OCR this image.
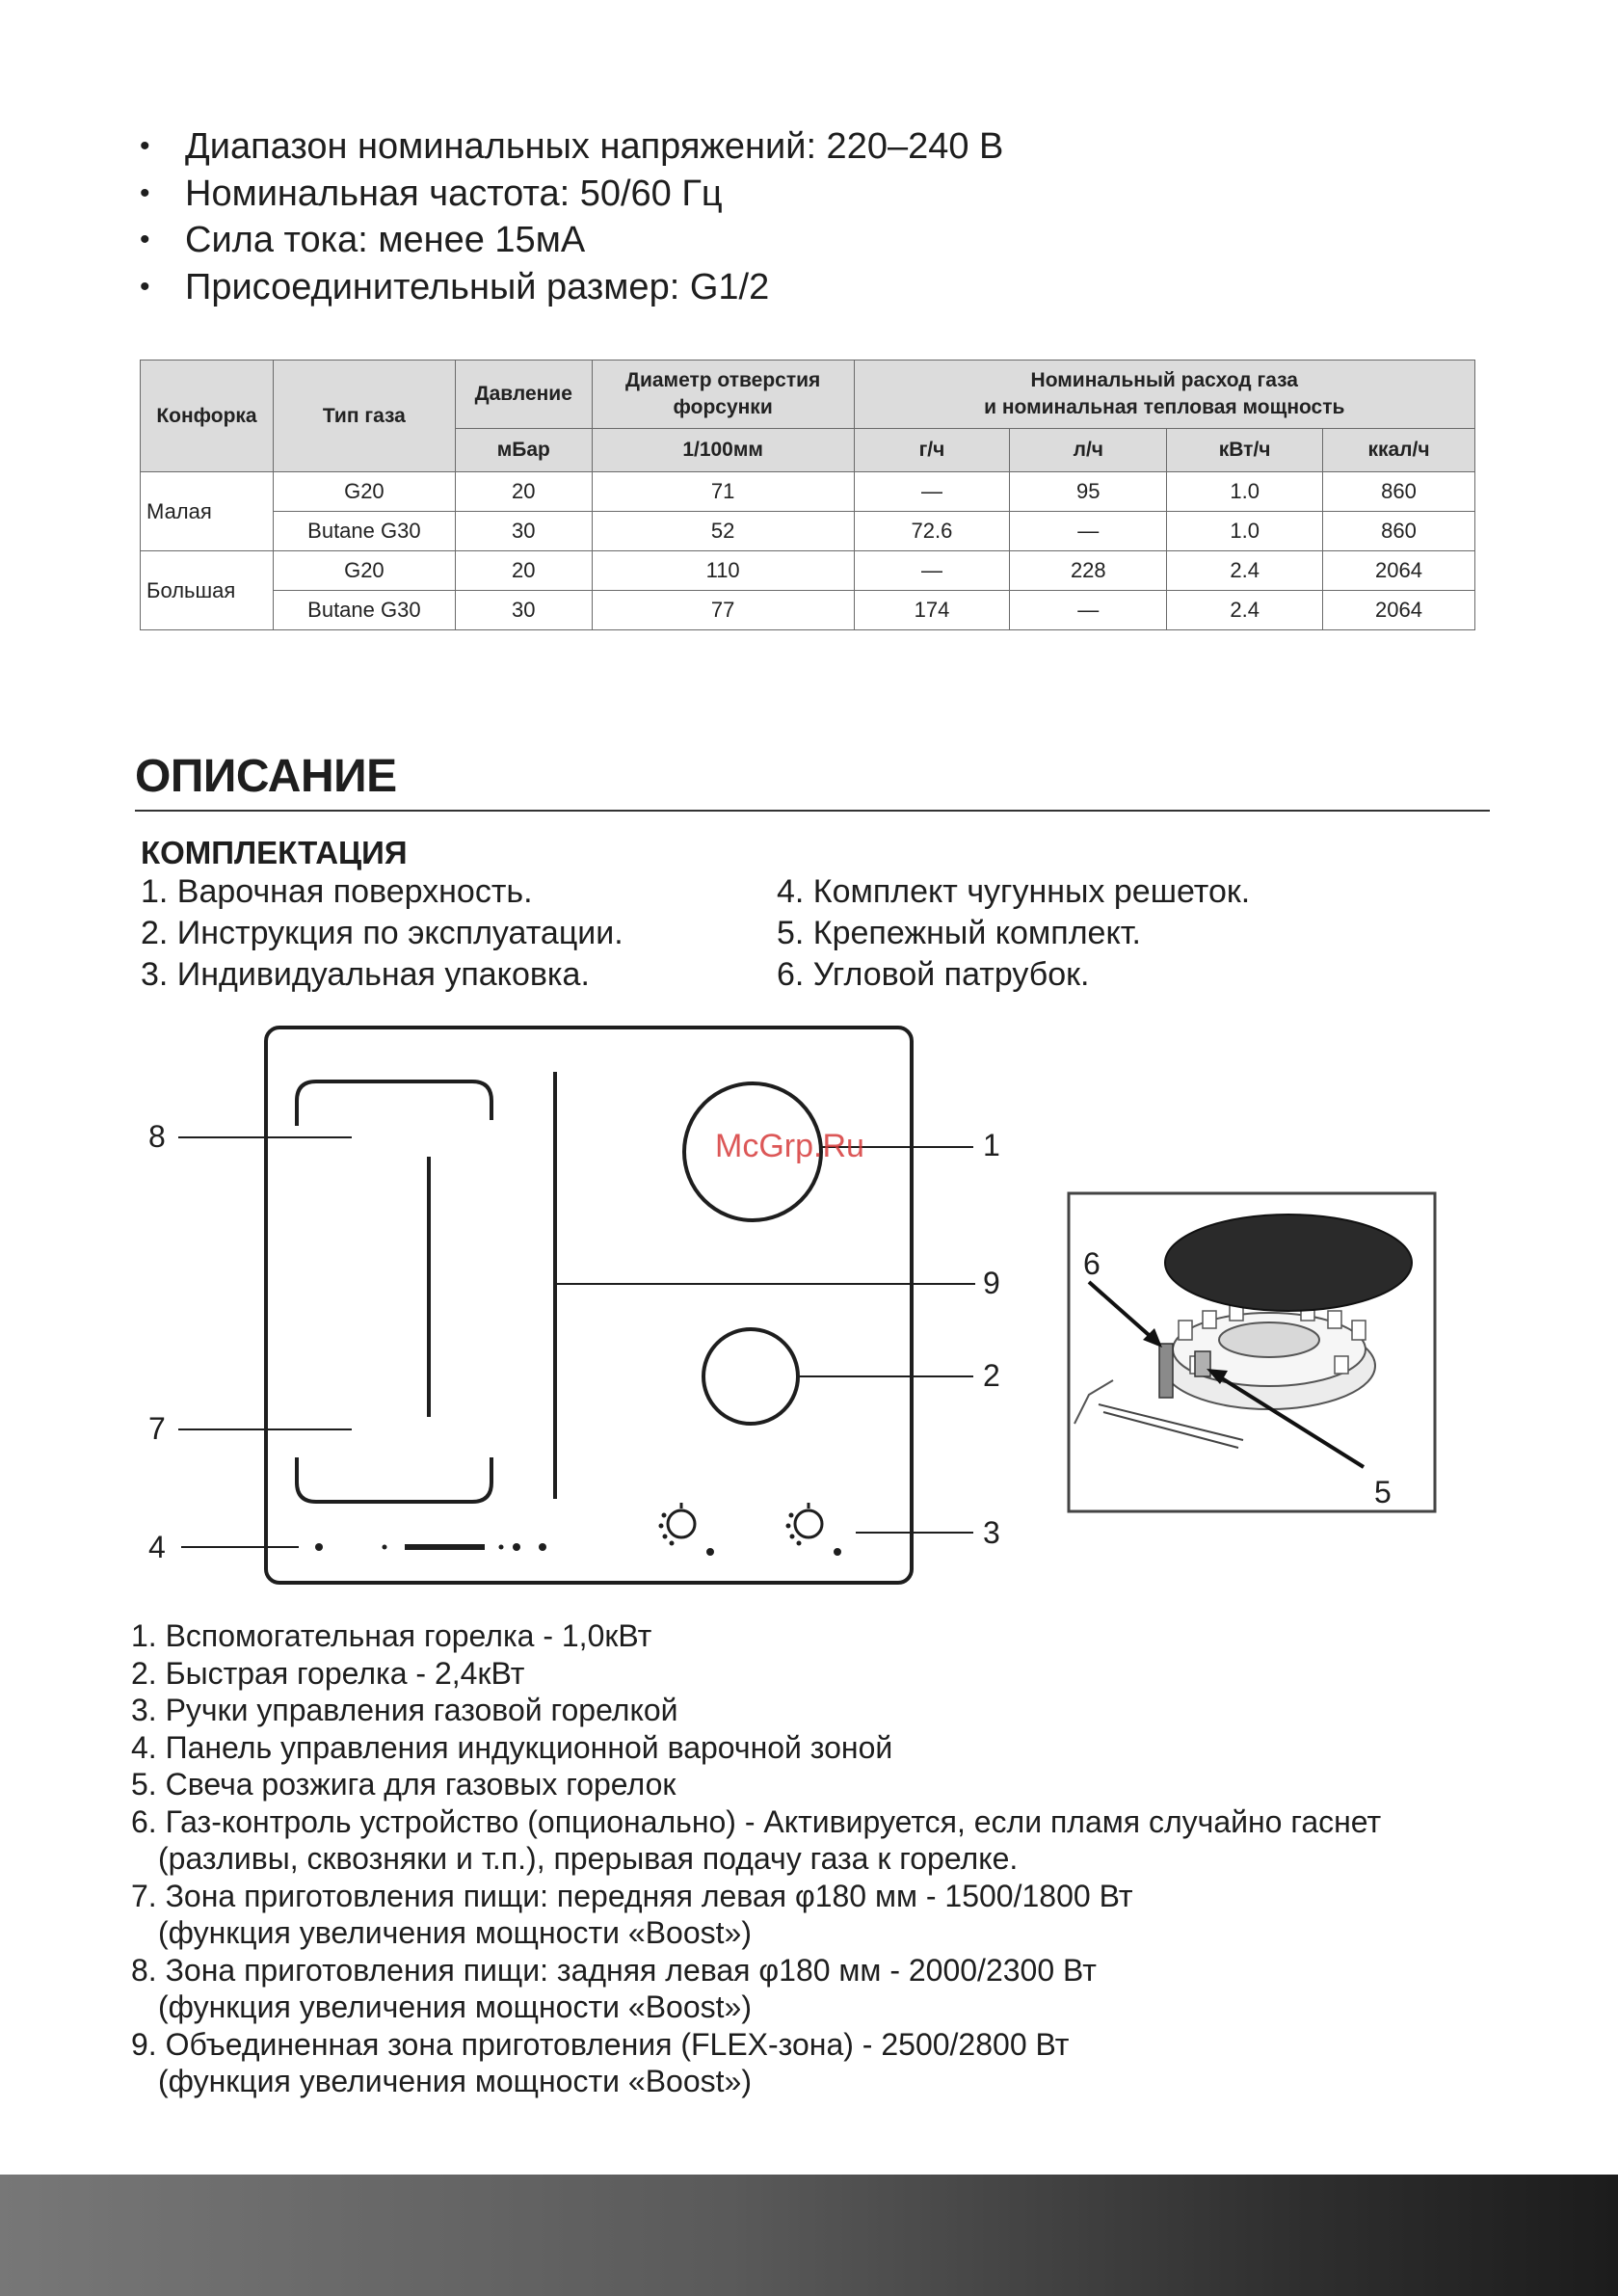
• Диапазон номинальных напряжений: 220–240 В
• Номинальная частота: 50/60 Гц
• Сила тока: менее 15мА
• Присоединительный размер: G1/2
Конфорка	Тип газа	Давление	Диаметр отверстия форсунки	Номинальный расход газа
и номинальная тепловая мощность			
		мБар	1/100мм	г/ч	л/ч	кВт/ч	ккал/ч
Малая	G20	20	71	—	95	1.0	860
	Butane G30	30	52	72.6	—	1.0	860
Большая	G20	20	110	—	228	2.4	2064
	Butane G30	30	77	174	—	2.4	2064
ОПИСАНИЕ
КОМПЛЕКТАЦИЯ
1. Варочная поверхность.
2. Инструкция по эксплуатации.
3. Индивидуальная упаковка.
4. Комплект чугунных решеток.
5. Крепежный комплект.
6. Угловой патрубок.
McGrp.Ru	1
2
3
4
7
8
9
6
5
1. Вспомогательная горелка - 1,0кВт
2. Быстрая горелка - 2,4кВт
3. Ручки управления газовой горелкой
4. Панель управления индукционной варочной зоной
5. Свеча розжига для газовых горелок
6. Газ-контроль устройство (опционально) - Активируется, если пламя случайно гаснет
(разливы, сквозняки и т.п.), прерывая подачу газа к горелке.
7. Зона приготовления пищи: передняя левая φ180 мм - 1500/1800 Вт
(функция увеличения мощности «Boost»)
8. Зона приготовления пищи: задняя левая φ180 мм - 2000/2300 Вт
(функция увеличения мощности «Boost»)
9. Объединенная зона приготовления (FLEX-зона) - 2500/2800 Вт
(функция увеличения мощности «Boost»)
